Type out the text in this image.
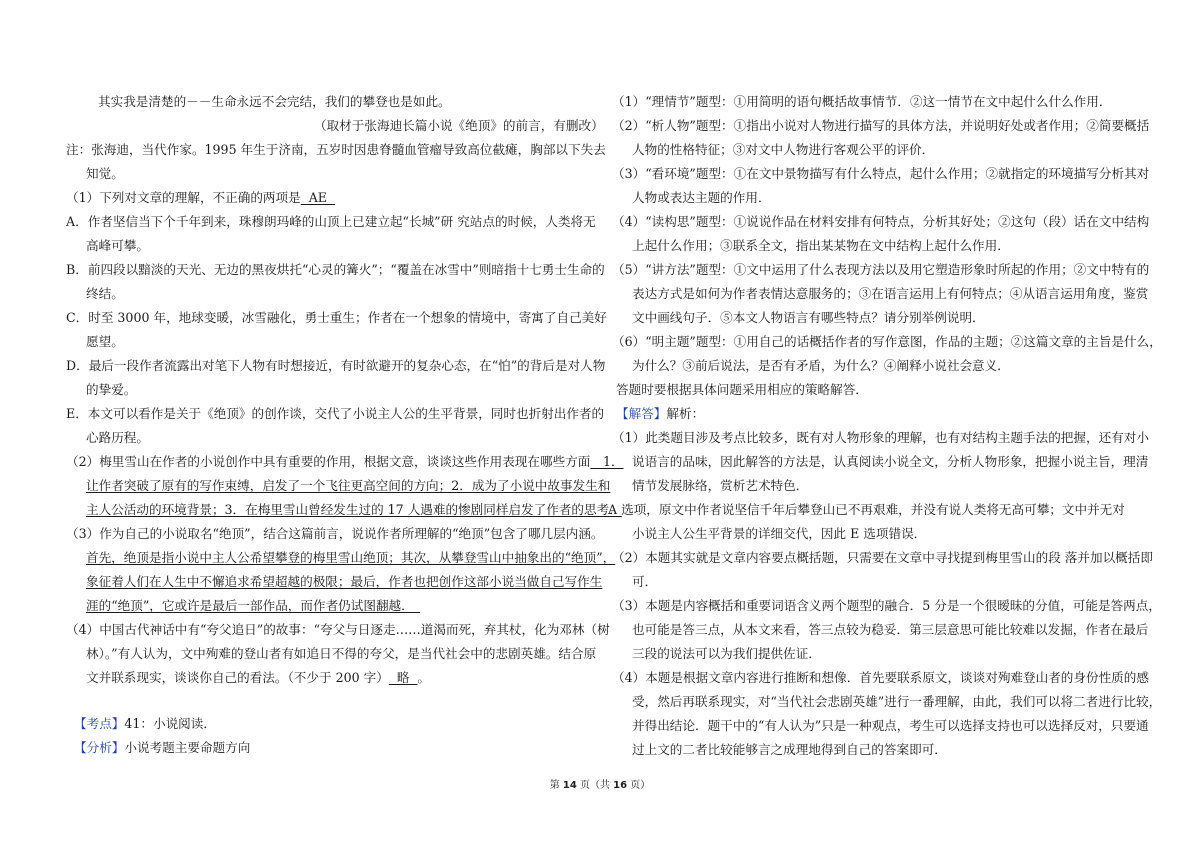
其实我是清楚的－－生命永远不会完结，我们的攀登也是如此。
（取材于张海迪长篇小说《绝顶》的前言，有删改）
注：张海迪，当代作家。1995 年生于济南，五岁时因患脊髓血管瘤导致高位截瘫，胸部以下失去
知觉。
（1）下列对文章的理解，不正确的两项是  AE
A．作者坚信当下个千年到来，珠穆朗玛峰的山顶上已建立起“长城”研 究站点的时候，人类将无
高峰可攀。
B．前四段以黯淡的天光、无边的黑夜烘托“心灵的篝火”；“覆盖在冰雪中”则暗指十七勇士生命的
终结。
C．时至 3000 年，地球变暖，冰雪融化，勇士重生；作者在一个想象的情境中，寄寓了自己美好
愿望。
D．最后一段作者流露出对笔下人物有时想接近，有时欲避开的复杂心态，在“怕”的背后是对人物
的挚爱。
E．本文可以看作是关于《绝顶》的创作谈，交代了小说主人公的生平背景，同时也折射出作者的
心路历程。
（2）梅里雪山在作者的小说创作中具有重要的作用，根据文意，谈谈这些作用表现在哪些方面　1．
让作者突破了原有的写作束缚，启发了一个飞往更高空间的方向；2．成为了小说中故事发生和
主人公活动的环境背景；3．在梅里雪山曾经发生过的 17 人遇难的惨剧同样启发了作者的思考．
（3）作为自己的小说取名“绝顶”，结合这篇前言，说说作者所理解的“绝顶”包含了哪几层内涵。
首先，绝顶是指小说中主人公希望攀登的梅里雪山绝顶；其次，从攀登雪山中抽象出的“绝顶”，
象征着人们在人生中不懈追求希望超越的极限；最后，作者也把创作这部小说当做自己写作生
涯的“绝顶”，它或许是最后一部作品，而作者仍试图翻越．　
（4）中国古代神话中有“夸父追日”的故事：“夸父与日逐走……道渴而死，弃其杖，化为邓林（树
林）。”有人认为，文中殉难的登山者有如追日不得的夸父，是当代社会中的悲剧英雄。结合原
文并联系现实，谈谈你自己的看法。（不少于 200 字）  略  。
【考点】41：小说阅读．
【分析】小说考题主要命题方向
（1）“理情节”题型：①用简明的语句概括故事情节．②这一情节在文中起什么什么作用．
（2）“析人物”题型：①指出小说对人物进行描写的具体方法，并说明好处或者作用；②简要概括
人物的性格特征；③对文中人物进行客观公平的评价．
（3）“看环境”题型：①在文中景物描写有什么特点，起什么作用；②就指定的环境描写分析其对
人物或表达主题的作用．
（4）“读构思”题型：①说说作品在材料安排有何特点，分析其好处；②这句（段）话在文中结构
上起什么作用；③联系全文，指出某某物在文中结构上起什么作用．
（5）“讲方法”题型：①文中运用了什么表现方法以及用它塑造形象时所起的作用；②文中特有的
表达方式是如何为作者表情达意服务的；③在语言运用上有何特点；④从语言运用角度，鉴赏
文中画线句子．⑤本文人物语言有哪些特点？请分别举例说明．
（6）“明主题”题型：①用自己的话概括作者的写作意图，作品的主题；②这篇文章的主旨是什么，
为什么？③前后说法，是否有矛盾，为什么？④阐释小说社会意义．
答题时要根据具体问题采用相应的策略解答．
【解答】解析：
（1）此类题目涉及考点比较多，既有对人物形象的理解，也有对结构主题手法的把握，还有对小
说语言的品味，因此解答的方法是，认真阅读小说全文，分析人物形象，把握小说主旨，理清
情节发展脉络，赏析艺术特色．
A 选项，原文中作者说坚信千年后攀登山已不再艰难，并没有说人类将无高可攀；文中并无对
小说主人公生平背景的详细交代，因此 E 选项错误．
（2）本题其实就是文章内容要点概括题，只需要在文章中寻找提到梅里雪山的段 落并加以概括即
可．
（3）本题是内容概括和重要词语含义两个题型的融合．5 分是一个很暧昧的分值，可能是答两点，
也可能是答三点，从本文来看，答三点较为稳妥．第三层意思可能比较难以发掘，作者在最后
三段的说法可以为我们提供佐证．
（4）本题是根据文章内容进行推断和想像．首先要联系原文，谈谈对殉难登山者的身份性质的感
受，然后再联系现实，对“当代社会悲剧英雄”进行一番理解，由此，我们可以将二者进行比较，
并得出结论．题干中的“有人认为”只是一种观点，考生可以选择支持也可以选择反对，只要通
过上文的二者比较能够言之成理地得到自己的答案即可．
第 14 页（共 16 页）
